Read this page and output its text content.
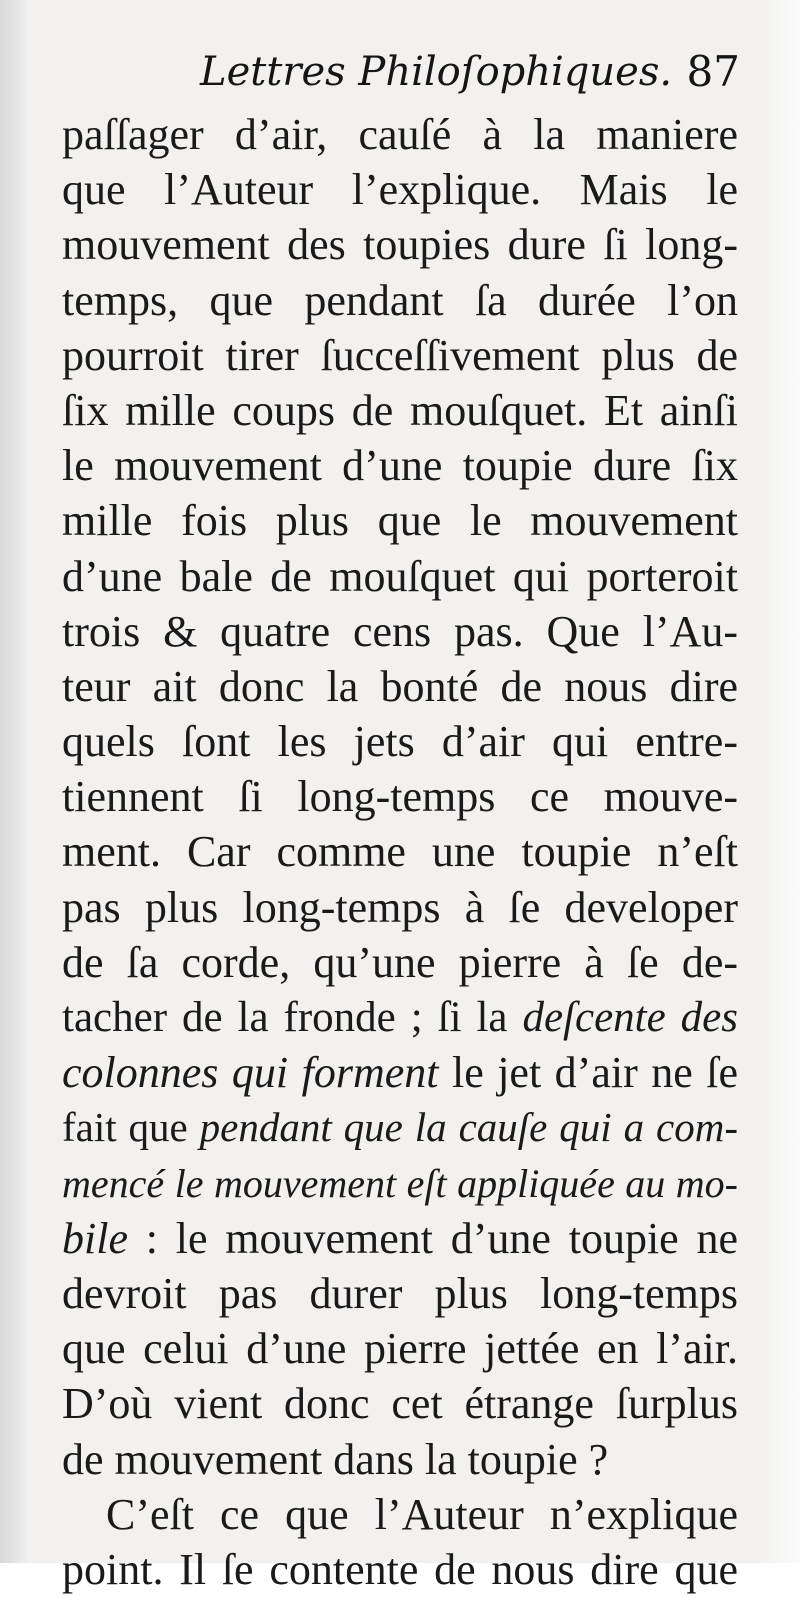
Lettres Philoſophiques. 87
paſſager d’air, cauſé à la maniere
que l’Auteur l’explique. Mais le
mouvement des toupies dure ſi long-
temps, que pendant ſa durée l’on
pourroit tirer ſucceſſivement plus de
ſix mille coups de mouſquet. Et ainſi
le mouvement d’une toupie dure ſix
mille fois plus que le mouvement
d’une bale de mouſquet qui porteroit
trois & quatre cens pas. Que l’Au-
teur ait donc la bonté de nous dire
quels ſont les jets d’air qui entre-
tiennent ſi long-temps ce mouve-
ment. Car comme une toupie n’eſt
pas plus long-temps à ſe developer
de ſa corde, qu’une pierre à ſe de-
tacher de la fronde ; ſi la deſcente des
colonnes qui forment le jet d’air ne ſe
fait que pendant que la cauſe qui a com-
mencé le mouvement eſt appliquée au mo-
bile : le mouvement d’une toupie ne
devroit pas durer plus long-temps
que celui d’une pierre jettée en l’air.
D’où vient donc cet étrange ſurplus
de mouvement dans la toupie ?
C’eſt ce que l’Auteur n’explique
point. Il ſe contente de nous dire que
